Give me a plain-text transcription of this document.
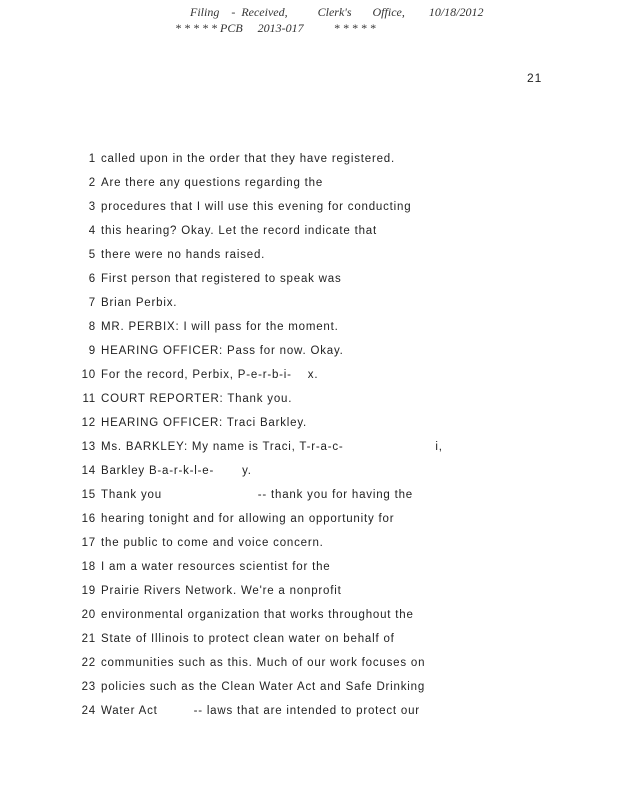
Filing    -  Received,          Clerk's       Office,        10/18/2012
* * * * * PCB     2013-017          * * * * *
21
1 called upon in the order that they have registered.
2 Are there any questions regarding the
3 procedures that I will use this evening for conducting
4 this hearing? Okay. Let the record indicate that
5 there were no hands raised.
6 First person that registered to speak was
7 Brian Perbix.
8 MR. PERBIX: I will pass for the moment.
9 HEARING OFFICER: Pass for now. Okay.
10 For the record, Perbix, P-e-r-b-i-    x.
11 COURT REPORTER: Thank you.
12 HEARING OFFICER: Traci Barkley.
13 Ms. BARKLEY: My name is Traci, T-r-a-c-                       i,
14 Barkley B-a-r-k-l-e-       y.
15 Thank you                        -- thank you for having the
16 hearing tonight and for allowing an opportunity for
17 the public to come and voice concern.
18 I am a water resources scientist for the
19 Prairie Rivers Network. We're a nonprofit
20 environmental organization that works throughout the
21 State of Illinois to protect clean water on behalf of
22 communities such as this. Much of our work focuses on
23 policies such as the Clean Water Act and Safe Drinking
24 Water Act         -- laws that are intended to protect our
